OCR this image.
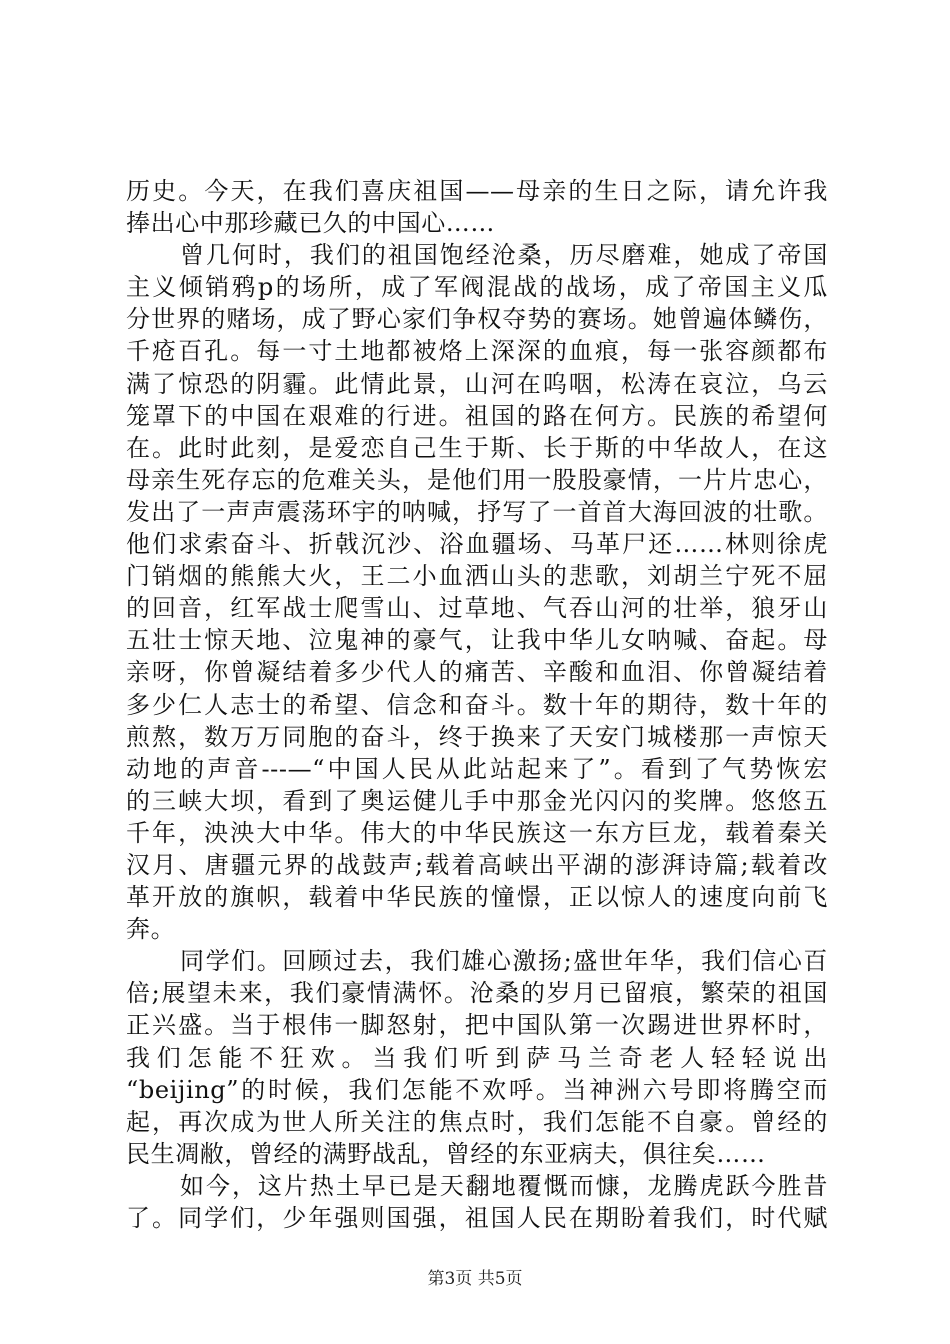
历史。今天，在我们喜庆祖国——母亲的生日之际，请允许我
捧出心中那珍藏已久的中国心……
曾几何时，我们的祖国饱经沧桑，历尽磨难，她成了帝国
主义倾销鸦p的场所，成了军阀混战的战场，成了帝国主义瓜
分世界的赌场，成了野心家们争权夺势的赛场。她曾遍体鳞伤，
千疮百孔。每一寸土地都被烙上深深的血痕，每一张容颜都布
满了惊恐的阴霾。此情此景，山河在呜咽，松涛在哀泣，乌云
笼罩下的中国在艰难的行进。祖国的路在何方。民族的希望何
在。此时此刻，是爱恋自己生于斯、长于斯的中华故人，在这
母亲生死存忘的危难关头，是他们用一股股豪情，一片片忠心，
发出了一声声震荡环宇的呐喊，抒写了一首首大海回波的壮歌。
他们求索奋斗、折戟沉沙、浴血疆场、马革尸还……林则徐虎
门销烟的熊熊大火，王二小血洒山头的悲歌，刘胡兰宁死不屈
的回音，红军战士爬雪山、过草地、气吞山河的壮举，狼牙山
五壮士惊天地、泣鬼神的豪气，让我中华儿女呐喊、奋起。母
亲呀，你曾凝结着多少代人的痛苦、辛酸和血泪、你曾凝结着
多少仁人志士的希望、信念和奋斗。数十年的期待，数十年的
煎熬，数万万同胞的奋斗，终于换来了天安门城楼那一声惊天
动地的声音---—“中国人民从此站起来了”。看到了气势恢宏
的三峡大坝，看到了奥运健儿手中那金光闪闪的奖牌。悠悠五
千年，泱泱大中华。伟大的中华民族这一东方巨龙，载着秦关
汉月、唐疆元界的战鼓声;载着高峡出平湖的澎湃诗篇;载着改
革开放的旗帜，载着中华民族的憧憬，正以惊人的速度向前飞
奔。
同学们。回顾过去，我们雄心激扬;盛世年华，我们信心百
倍;展望未来，我们豪情满怀。沧桑的岁月已留痕，繁荣的祖国
正兴盛。当于根伟一脚怒射，把中国队第一次踢进世界杯时，
我们怎能不狂欢。当我们听到萨马兰奇老人轻轻说出
“beijing”的时候，我们怎能不欢呼。当神洲六号即将腾空而
起，再次成为世人所关注的焦点时，我们怎能不自豪。曾经的
民生凋敝，曾经的满野战乱，曾经的东亚病夫，俱往矣……
如今，这片热土早已是天翻地覆慨而慷，龙腾虎跃今胜昔
了。同学们，少年强则国强，祖国人民在期盼着我们，时代赋
第3页 共5页
